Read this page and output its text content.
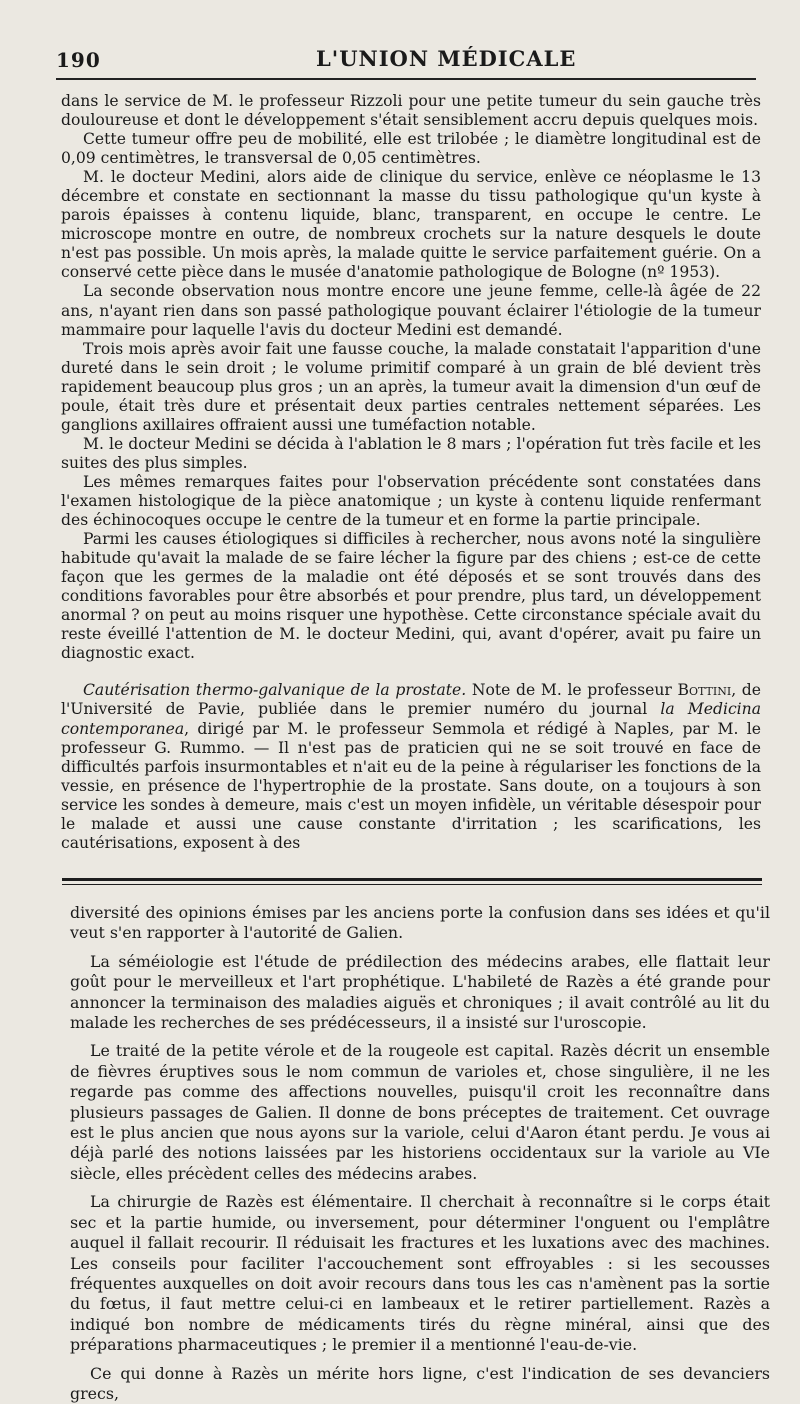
190	L'UNION MÉDICALE

dans le service de M. le professeur Rizzoli pour une petite tumeur du sein gauche très douloureuse et dont le développement s'était sensiblement accru depuis quelques mois.

Cette tumeur offre peu de mobilité, elle est trilobée ; le diamètre longitudinal est de 0,09 centimètres, le transversal de 0,05 centimètres.

M. le docteur Medini, alors aide de clinique du service, enlève ce néoplasme le 13 décembre et constate en sectionnant la masse du tissu pathologique qu'un kyste à parois épaisses à contenu liquide, blanc, transparent, en occupe le centre. Le microscope montre en outre, de nombreux crochets sur la nature desquels le doute n'est pas possible. Un mois après, la malade quitte le service parfaitement guérie. On a conservé cette pièce dans le musée d'anatomie pathologique de Bologne (nº 1953).

La seconde observation nous montre encore une jeune femme, celle-là âgée de 22 ans, n'ayant rien dans son passé pathologique pouvant éclairer l'étiologie de la tumeur mammaire pour laquelle l'avis du docteur Medini est demandé.

Trois mois après avoir fait une fausse couche, la malade constatait l'apparition d'une dureté dans le sein droit ; le volume primitif comparé à un grain de blé devient très rapidement beaucoup plus gros ; un an après, la tumeur avait la dimension d'un œuf de poule, était très dure et présentait deux parties centrales nettement séparées. Les ganglions axillaires offraient aussi une tuméfaction notable.

M. le docteur Medini se décida à l'ablation le 8 mars ; l'opération fut très facile et les suites des plus simples.

Les mêmes remarques faites pour l'observation précédente sont constatées dans l'examen histologique de la pièce anatomique ; un kyste à contenu liquide renfermant des échinocoques occupe le centre de la tumeur et en forme la partie principale.

Parmi les causes étiologiques si difficiles à rechercher, nous avons noté la singulière habitude qu'avait la malade de se faire lécher la figure par des chiens ; est-ce de cette façon que les germes de la maladie ont été déposés et se sont trouvés dans des conditions favorables pour être absorbés et pour prendre, plus tard, un développement anormal ? on peut au moins risquer une hypothèse. Cette circonstance spéciale avait du reste éveillé l'attention de M. le docteur Medini, qui, avant d'opérer, avait pu faire un diagnostic exact.

Cautérisation thermo-galvanique de la prostate. Note de M. le professeur Bottini, de l'Université de Pavie, publiée dans le premier numéro du journal la Medicina contemporanea, dirigé par M. le professeur Semmola et rédigé à Naples, par M. le professeur G. Rummo. — Il n'est pas de praticien qui ne se soit trouvé en face de difficultés parfois insurmontables et n'ait eu de la peine à régulariser les fonctions de la vessie, en présence de l'hypertrophie de la prostate. Sans doute, on a toujours à son service les sondes à demeure, mais c'est un moyen infidèle, un véritable désespoir pour le malade et aussi une cause constante d'irritation ; les scarifications, les cautérisations, exposent à des

diversité des opinions émises par les anciens porte la confusion dans ses idées et qu'il veut s'en rapporter à l'autorité de Galien.

La séméiologie est l'étude de prédilection des médecins arabes, elle flattait leur goût pour le merveilleux et l'art prophétique. L'habileté de Razès a été grande pour annoncer la terminaison des maladies aiguës et chroniques ; il avait contrôlé au lit du malade les recherches de ses prédécesseurs, il a insisté sur l'uroscopie.

Le traité de la petite vérole et de la rougeole est capital. Razès décrit un ensemble de fièvres éruptives sous le nom commun de varioles et, chose singulière, il ne les regarde pas comme des affections nouvelles, puisqu'il croit les reconnaître dans plusieurs passages de Galien. Il donne de bons préceptes de traitement. Cet ouvrage est le plus ancien que nous ayons sur la variole, celui d'Aaron étant perdu. Je vous ai déjà parlé des notions laissées par les historiens occidentaux sur la variole au VIe siècle, elles précèdent celles des médecins arabes.

La chirurgie de Razès est élémentaire. Il cherchait à reconnaître si le corps était sec et la partie humide, ou inversement, pour déterminer l'onguent ou l'emplâtre auquel il fallait recourir. Il réduisait les fractures et les luxations avec des machines. Les conseils pour faciliter l'accouchement sont effroyables : si les secousses fréquentes auxquelles on doit avoir recours dans tous les cas n'amènent pas la sortie du fœtus, il faut mettre celui-ci en lambeaux et le retirer partiellement. Razès a indiqué bon nombre de médicaments tirés du règne minéral, ainsi que des préparations pharmaceutiques ; le premier il a mentionné l'eau-de-vie.

Ce qui donne à Razès un mérite hors ligne, c'est l'indication de ses devanciers grecs,
